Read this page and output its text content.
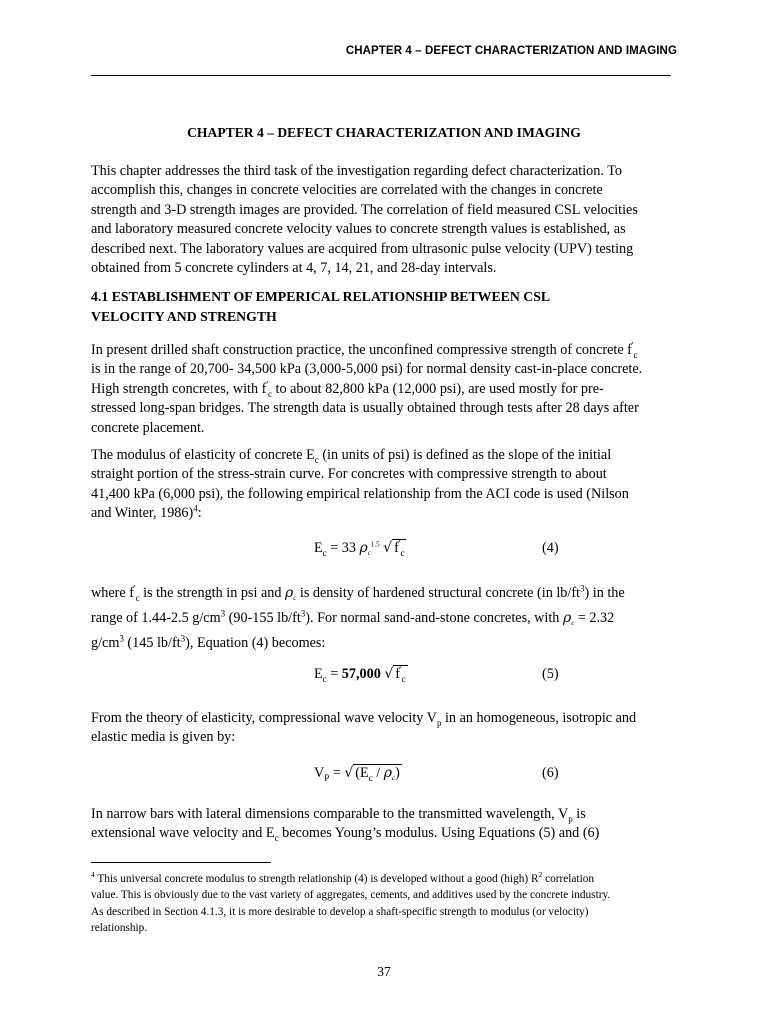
CHAPTER 4 – DEFECT CHARACTERIZATION AND IMAGING
CHAPTER 4 – DEFECT CHARACTERIZATION AND IMAGING

This chapter addresses the third task of the investigation regarding defect characterization. To
accomplish this, changes in concrete velocities are correlated with the changes in concrete
strength and 3-D strength images are provided. The correlation of field measured CSL velocities
and laboratory measured concrete velocity values to concrete strength values is established, as
described next. The laboratory values are acquired from ultrasonic pulse velocity (UPV) testing
obtained from 5 concrete cylinders at 4, 7, 14, 21, and 28-day intervals.

4.1 ESTABLISHMENT OF EMPERICAL RELATIONSHIP BETWEEN CSL
VELOCITY AND STRENGTH

In present drilled shaft construction practice, the unconfined compressive strength of concrete $f'_c$
is in the range of 20,700- 34,500 kPa (3,000-5,000 psi) for normal density cast-in-place concrete.
High strength concretes, with $f'_c$ to about 82,800 kPa (12,000 psi), are used mostly for pre-
stressed long-span bridges. The strength data is usually obtained through tests after 28 days after
concrete placement.

The modulus of elasticity of concrete $E_c$ (in units of psi) is defined as the slope of the initial
straight portion of the stress-strain curve. For concretes with compressive strength to about
41,400 kPa (6,000 psi), the following empirical relationship from the ACI code is used (Nilson
and Winter, 1986)$^4$:

$E_c = 33$ $\rho_c^{1.5}$ √ $f'_c$	(4)

where $f'_c$ is the strength in psi and $\rho_c$ is density of hardened structural concrete (in $lb/ft^3$) in the
range of 1.44-2.5 $g/cm^3$ (90-155 $lb/ft^3$). For normal sand-and-stone concretes, with $\rho_c = 2.32$
$g/cm^3$ (145 $lb/ft^3$), Equation (4) becomes:

$E_c = 57,000$ √ $f'_c$	(5)

From the theory of elasticity, compressional wave velocity $V_p$ in an homogeneous, isotropic and
elastic media is given by:

$V_P$ = √ $(E_c / \rho_c)$	(6)

In narrow bars with lateral dimensions comparable to the transmitted wavelength, $V_p$ is
extensional wave velocity and $E_c$ becomes Young’s modulus. Using Equations (5) and (6)

$^4$ This universal concrete modulus to strength relationship (4) is developed without a good (high) $R^2$ correlation
value. This is obviously due to the vast variety of aggregates, cements, and additives used by the concrete industry.
As described in Section 4.1.3, it is more desirable to develop a shaft-specific strength to modulus (or velocity)
relationship.

37
